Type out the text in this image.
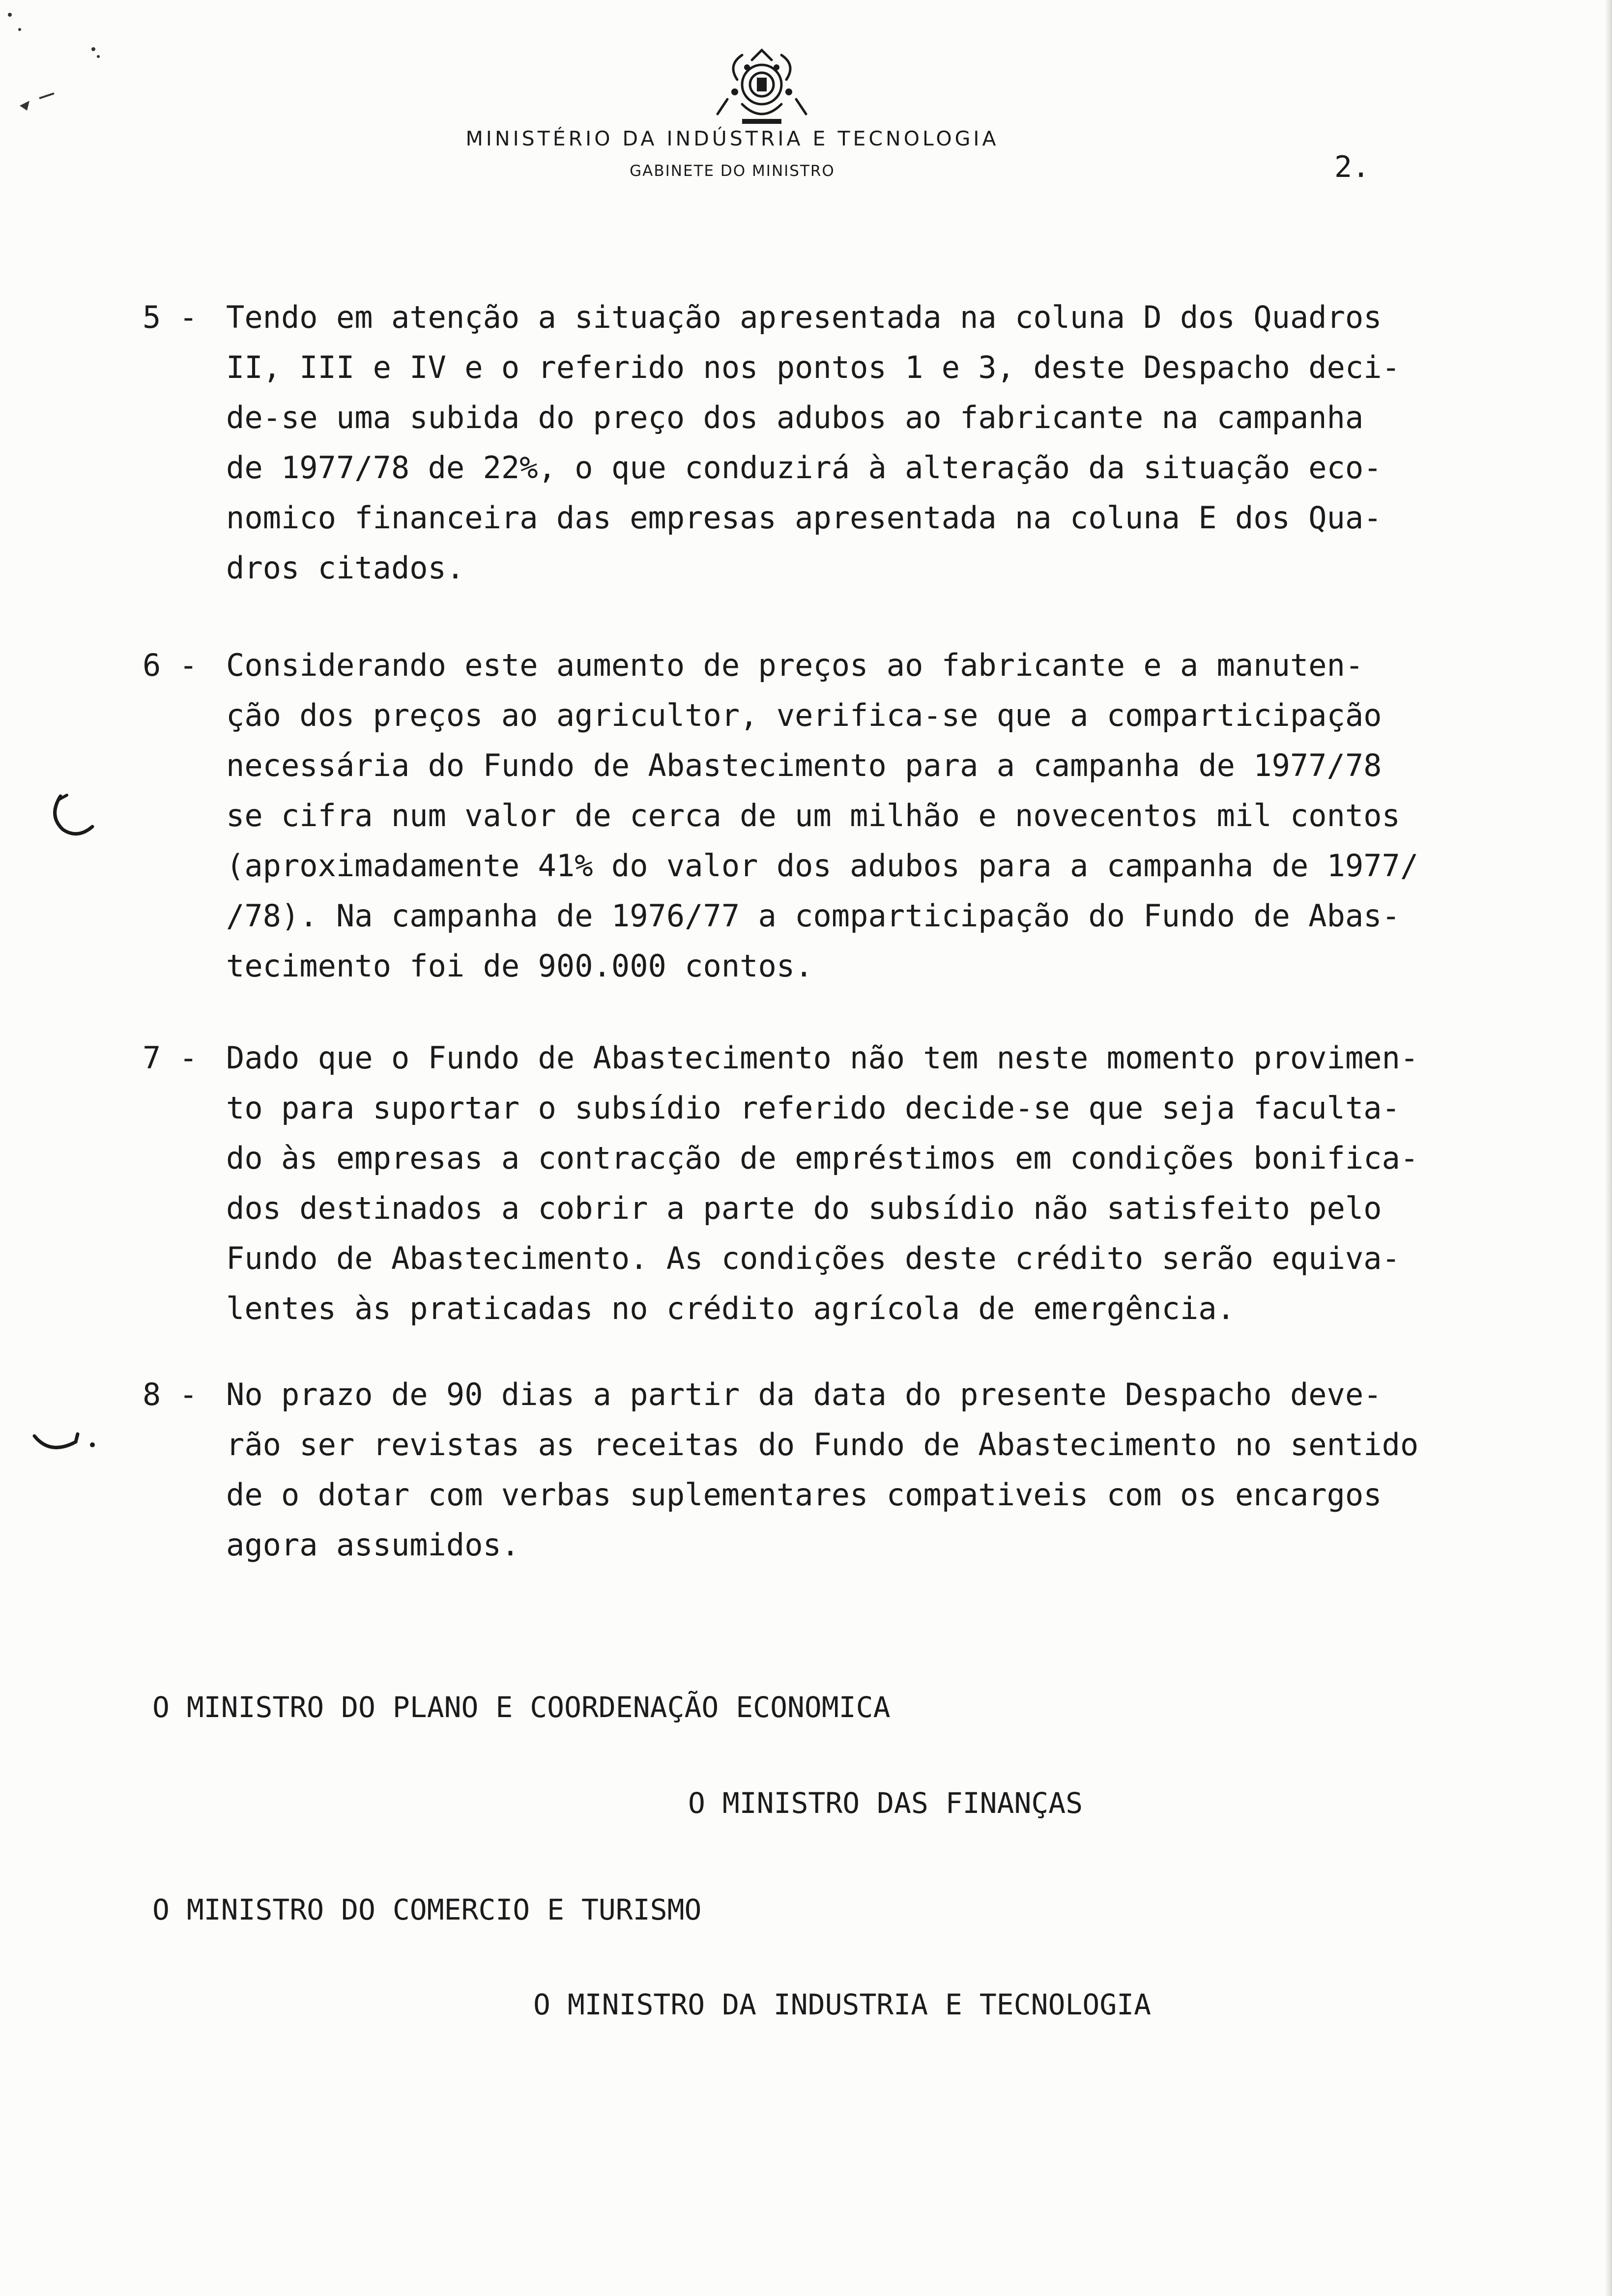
MINISTÉRIO DA INDÚSTRIA E TECNOLOGIA
GABINETE DO MINISTRO	2.
5 - Tendo em atenção a situação apresentada na coluna D dos Quadros
II, III e IV e o referido nos pontos 1 e 3, deste Despacho deci-
de-se uma subida do preço dos adubos ao fabricante na campanha
de 1977/78 de 22%, o que conduzirá à alteração da situação eco-
nomico financeira das empresas apresentada na coluna E dos Qua-
dros citados.
6 - Considerando este aumento de preços ao fabricante e a manuten-
ção dos preços ao agricultor, verifica-se que a comparticipação
necessária do Fundo de Abastecimento para a campanha de 1977/78
se cifra num valor de cerca de um milhão e novecentos mil contos
(aproximadamente 41% do valor dos adubos para a campanha de 1977/
/78). Na campanha de 1976/77 a comparticipação do Fundo de Abas-
tecimento foi de 900.000 contos.
7 - Dado que o Fundo de Abastecimento não tem neste momento provimen-
to para suportar o subsídio referido decide-se que seja faculta-
do às empresas a contracção de empréstimos em condições bonifica-
dos destinados a cobrir a parte do subsídio não satisfeito pelo
Fundo de Abastecimento. As condições deste crédito serão equiva-
lentes às praticadas no crédito agrícola de emergência.
8 - No prazo de 90 dias a partir da data do presente Despacho deve-
rão ser revistas as receitas do Fundo de Abastecimento no sentido
de o dotar com verbas suplementares compativeis com os encargos
agora assumidos.
O MINISTRO DO PLANO E COORDENAÇÃO ECONOMICA
O MINISTRO DAS FINANÇAS
O MINISTRO DO COMERCIO E TURISMO
O MINISTRO DA INDUSTRIA E TECNOLOGIA
